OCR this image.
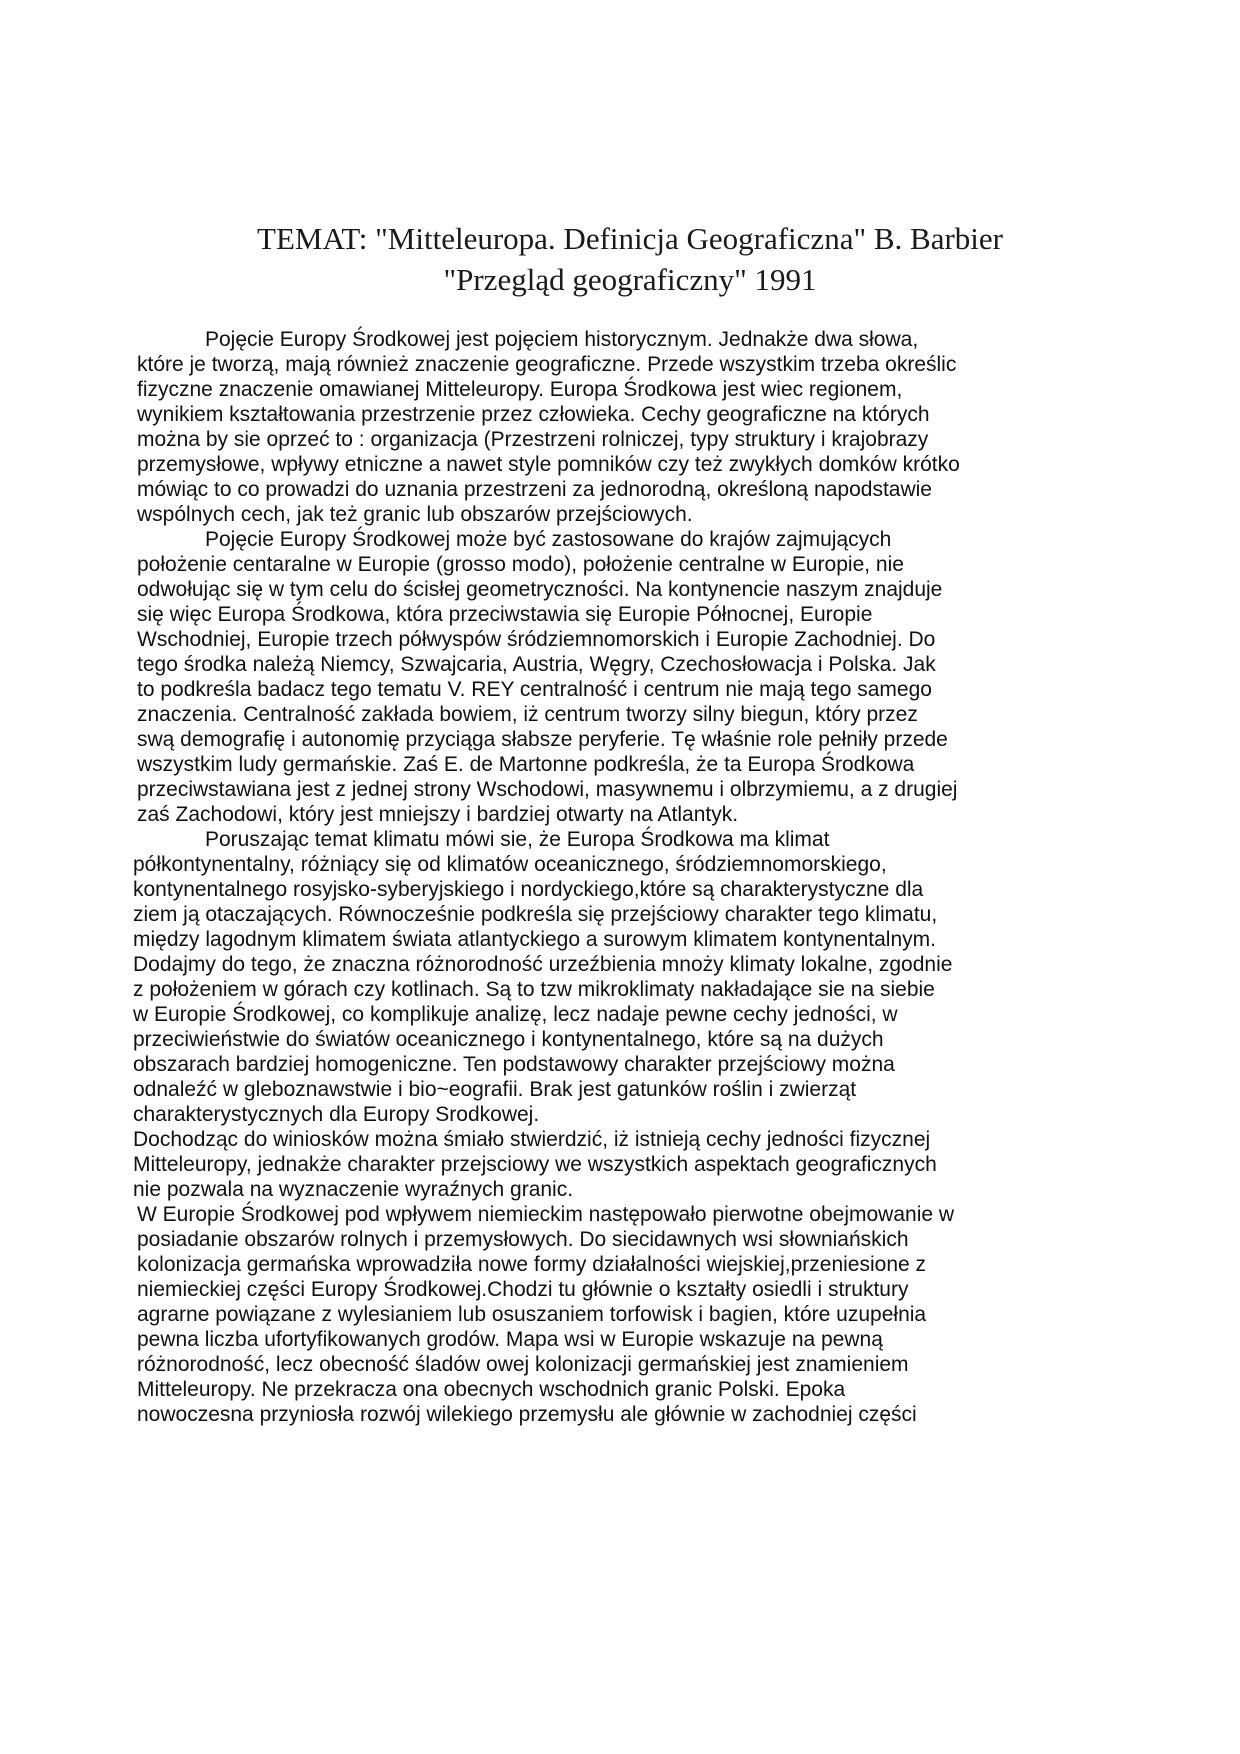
TEMAT: "Mitteleuropa. Definicja Geograficzna" B. Barbier
"Przegląd geograficzny" 1991
Pojęcie Europy Środkowej jest pojęciem historycznym. Jednakże dwa słowa,
które je tworzą, mają również znaczenie geograficzne. Przede wszystkim trzeba określic
fizyczne znaczenie omawianej Mitteleuropy. Europa Środkowa jest wiec regionem,
wynikiem kształtowania przestrzenie przez człowieka. Cechy geograficzne na których
można by sie oprzeć to : organizacja (Przestrzeni rolniczej, typy struktury i krajobrazy
przemysłowe, wpływy etniczne a nawet style pomników czy też zwykłych domków krótko
mówiąc to co prowadzi do uznania przestrzeni za jednorodną, określoną napodstawie
wspólnych cech, jak też granic lub obszarów przejściowych.
Pojęcie Europy Środkowej może być zastosowane do krajów zajmujących
położenie centaralne w Europie (grosso modo), położenie centralne w Europie, nie
odwołując się w tym celu do ścisłej geometryczności. Na kontynencie naszym znajduje
się więc Europa Środkowa, która przeciwstawia się Europie Północnej, Europie
Wschodniej, Europie trzech półwyspów śródziemnomorskich i Europie Zachodniej. Do
tego środka należą Niemcy, Szwajcaria, Austria, Węgry, Czechosłowacja i Polska. Jak
to podkreśla badacz tego tematu V. REY centralność i centrum nie mają tego samego
znaczenia. Centralność zakłada bowiem, iż centrum tworzy silny biegun, który przez
swą demografię i autonomię przyciąga słabsze peryferie. Tę właśnie role pełniły przede
wszystkim ludy germańskie. Zaś E. de Martonne podkreśla, że ta Europa Środkowa
przeciwstawiana jest z jednej strony Wschodowi, masywnemu i olbrzymiemu, a z drugiej
zaś Zachodowi, który jest mniejszy i bardziej otwarty na Atlantyk.
Poruszając temat klimatu mówi sie, że Europa Środkowa ma klimat
półkontynentalny, różniący się od klimatów oceanicznego, śródziemnomorskiego,
kontynentalnego rosyjsko-syberyjskiego i nordyckiego,które są charakterystyczne dla
ziem ją otaczających. Równocześnie podkreśla się przejściowy charakter tego klimatu,
między lagodnym klimatem świata atlantyckiego a surowym klimatem kontynentalnym.
Dodajmy do tego, że znaczna różnorodność urzeźbienia mnoży klimaty lokalne, zgodnie
z położeniem w górach czy kotlinach. Są to tzw mikroklimaty nakładające sie na siebie
w Europie Środkowej, co komplikuje analizę, lecz nadaje pewne cechy jedności, w
przeciwieństwie do światów oceanicznego i kontynentalnego, które są na dużych
obszarach bardziej homogeniczne. Ten podstawowy charakter przejściowy można
odnaleźć w gleboznawstwie i bio~eografii. Brak jest gatunków roślin i zwierząt
charakterystycznych dla Europy Srodkowej.
Dochodząc do winiosków można śmiało stwierdzić, iż istnieją cechy jedności fizycznej
Mitteleuropy, jednakże charakter przejsciowy we wszystkich aspektach geograficznych
nie pozwala na wyznaczenie wyraźnych granic.
W Europie Środkowej pod wpływem niemieckim następowało pierwotne obejmowanie w
posiadanie obszarów rolnych i przemysłowych. Do siecidawnych wsi słowniańskich
kolonizacja germańska wprowadziła nowe formy działalności wiejskiej,przeniesione z
niemieckiej części Europy Środkowej.Chodzi tu głównie o kształty osiedli i struktury
agrarne powiązane z wylesianiem lub osuszaniem torfowisk i bagien, które uzupełnia
pewna liczba ufortyfikowanych grodów. Mapa wsi w Europie wskazuje na pewną
różnorodność, lecz obecność śladów owej kolonizacji germańskiej jest znamieniem
Mitteleuropy. Ne przekracza ona obecnych wschodnich granic Polski. Epoka
nowoczesna przyniosła rozwój wilekiego przemysłu ale głównie w zachodniej części
